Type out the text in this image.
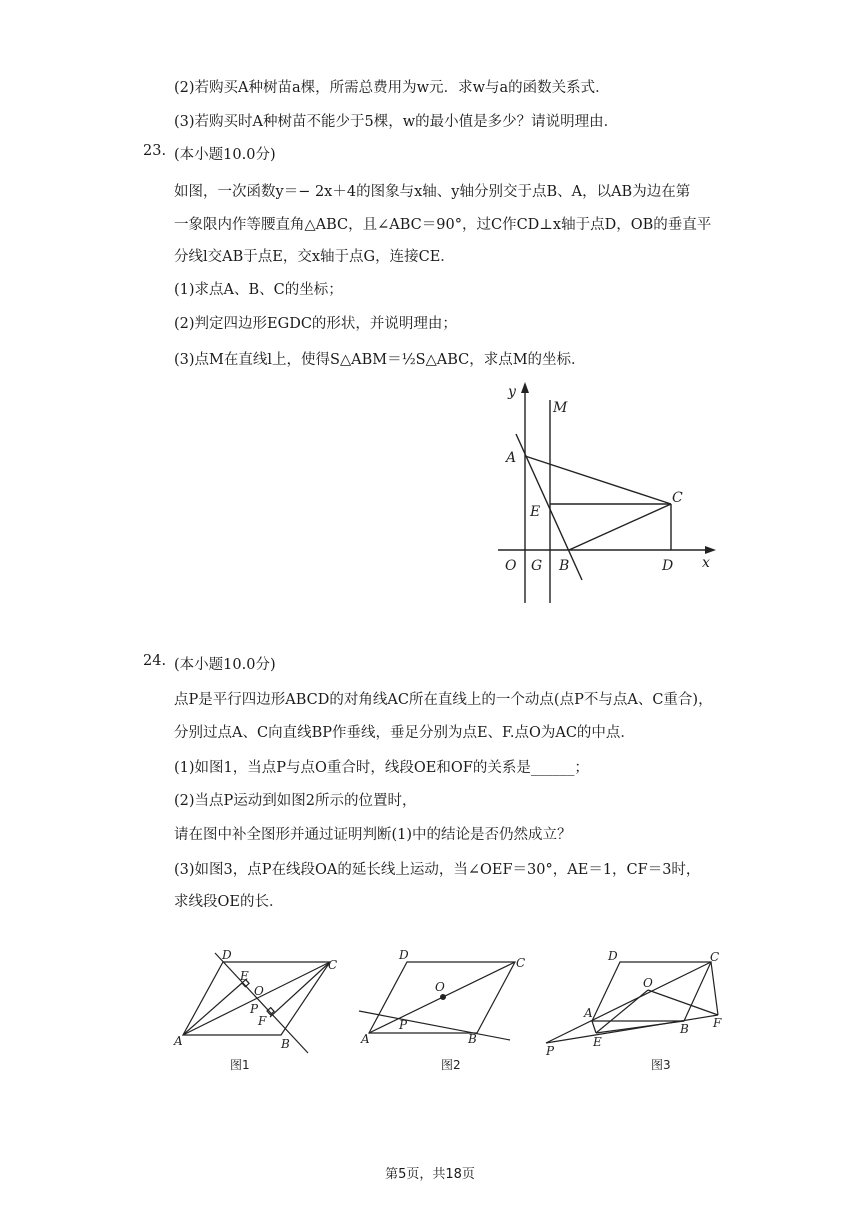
(2)若购买A种树苗a棵，所需总费用为w元．求w与a的函数关系式．
(3)若购买时A种树苗不能少于5棵，w的最小值是多少？请说明理由．
23. (本小题10.0分)
如图，一次函数y＝− 2x＋4的图象与x轴、y轴分别交于点B、A，以AB为边在第
一象限内作等腰直角△ABC，且∠ABC＝90°，过C作CD⊥x轴于点D，OB的垂直平
分线l交AB于点E，交x轴于点G，连接CE．
(1)求点A、B、C的坐标；
(2)判定四边形EGDC的形状，并说明理由；
(3)点M在直线l上，使得S△ABM＝½S△ABC，求点M的坐标．
y
M
A
C
E
O G B	D x
24. (本小题10.0分)
点P是平行四边形ABCD的对角线AC所在直线上的一个动点(点P不与点A、C重合)，
分别过点A、C向直线BP作垂线，垂足分别为点E、F.点O为AC的中点．
(1)如图1，当点P与点O重合时，线段OE和OF的关系是______；
(2)当点P运动到如图2所示的位置时，
请在图中补全图形并通过证明判断(1)中的结论是否仍然成立？
(3)如图3，点P在线段OA的延长线上运动，当∠OEF＝30°，AE＝1，CF＝3时，
求线段OE的长．
D
C
E
O
P
F
A	B
图1
D
C
O
P
A	B
图2
D	C
O
A
B F
E
P
图3
第5页，共18页
